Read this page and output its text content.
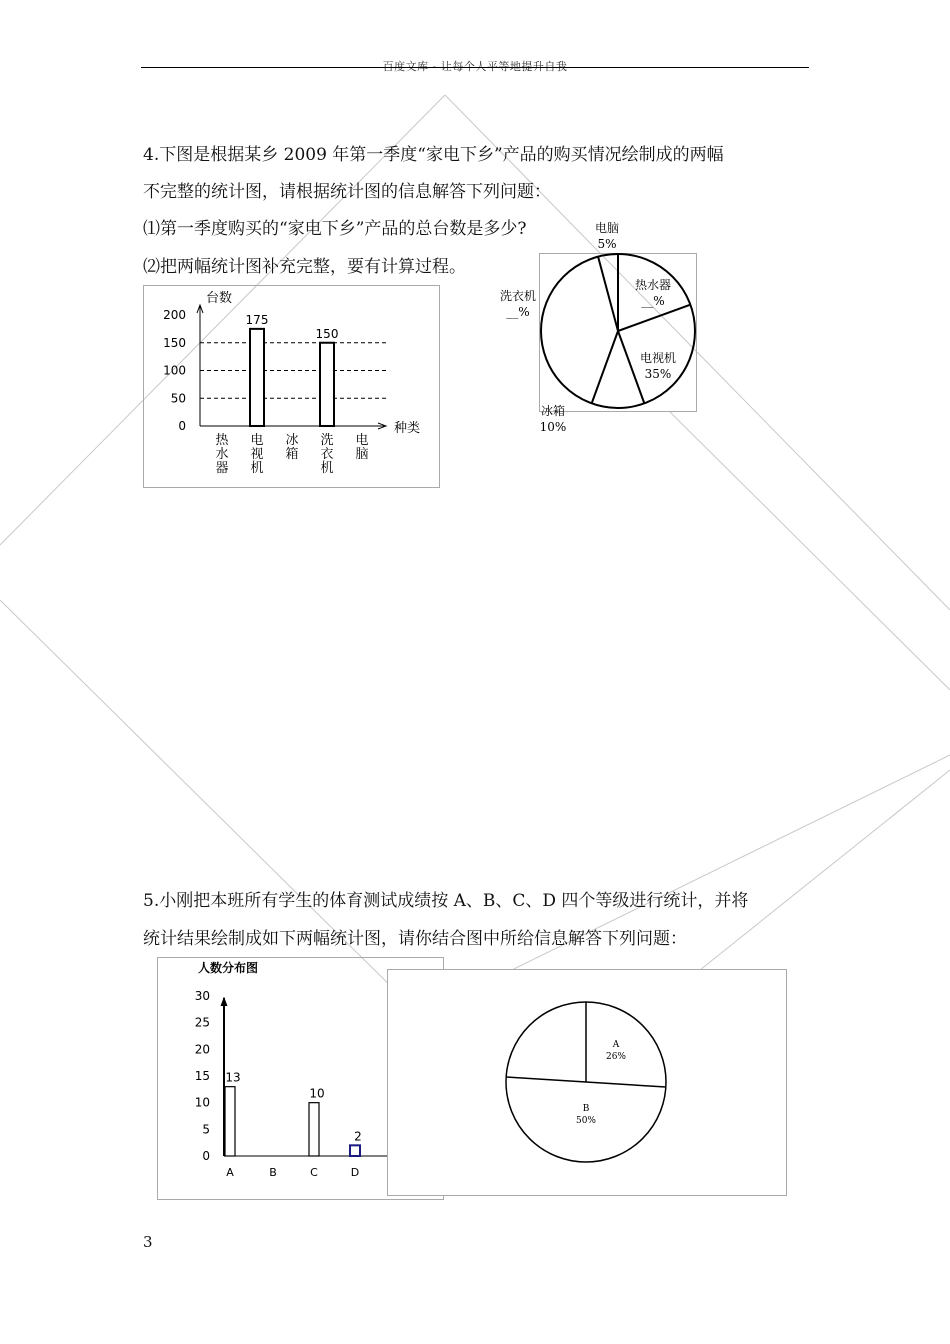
百度文库 - 让每个人平等地提升自我
4.下图是根据某乡 2009 年第一季度“家电下乡”产品的购买情况绘制成的两幅
不完整的统计图，请根据统计图的信息解答下列问题：
⑴第一季度购买的“家电下乡”产品的总台数是多少?
⑵把两幅统计图补充完整，要有计算过程。
台数
种类
0
50
100
150
200
热水器
电视机
175
冰箱
洗衣机
150
电脑
电脑
5%
热水器
__%
电视机
35%
冰箱
10%
洗衣机
__%
5.小刚把本班所有学生的体育测试成绩按 A、B、C、D 四个等级进行统计，并将
统计结果绘制成如下两幅统计图，请你结合图中所给信息解答下列问题：
人数分布图
0
5
10
15
20
25
30
A
13
B	C
10
D
2
A
26%
B
50%
3
